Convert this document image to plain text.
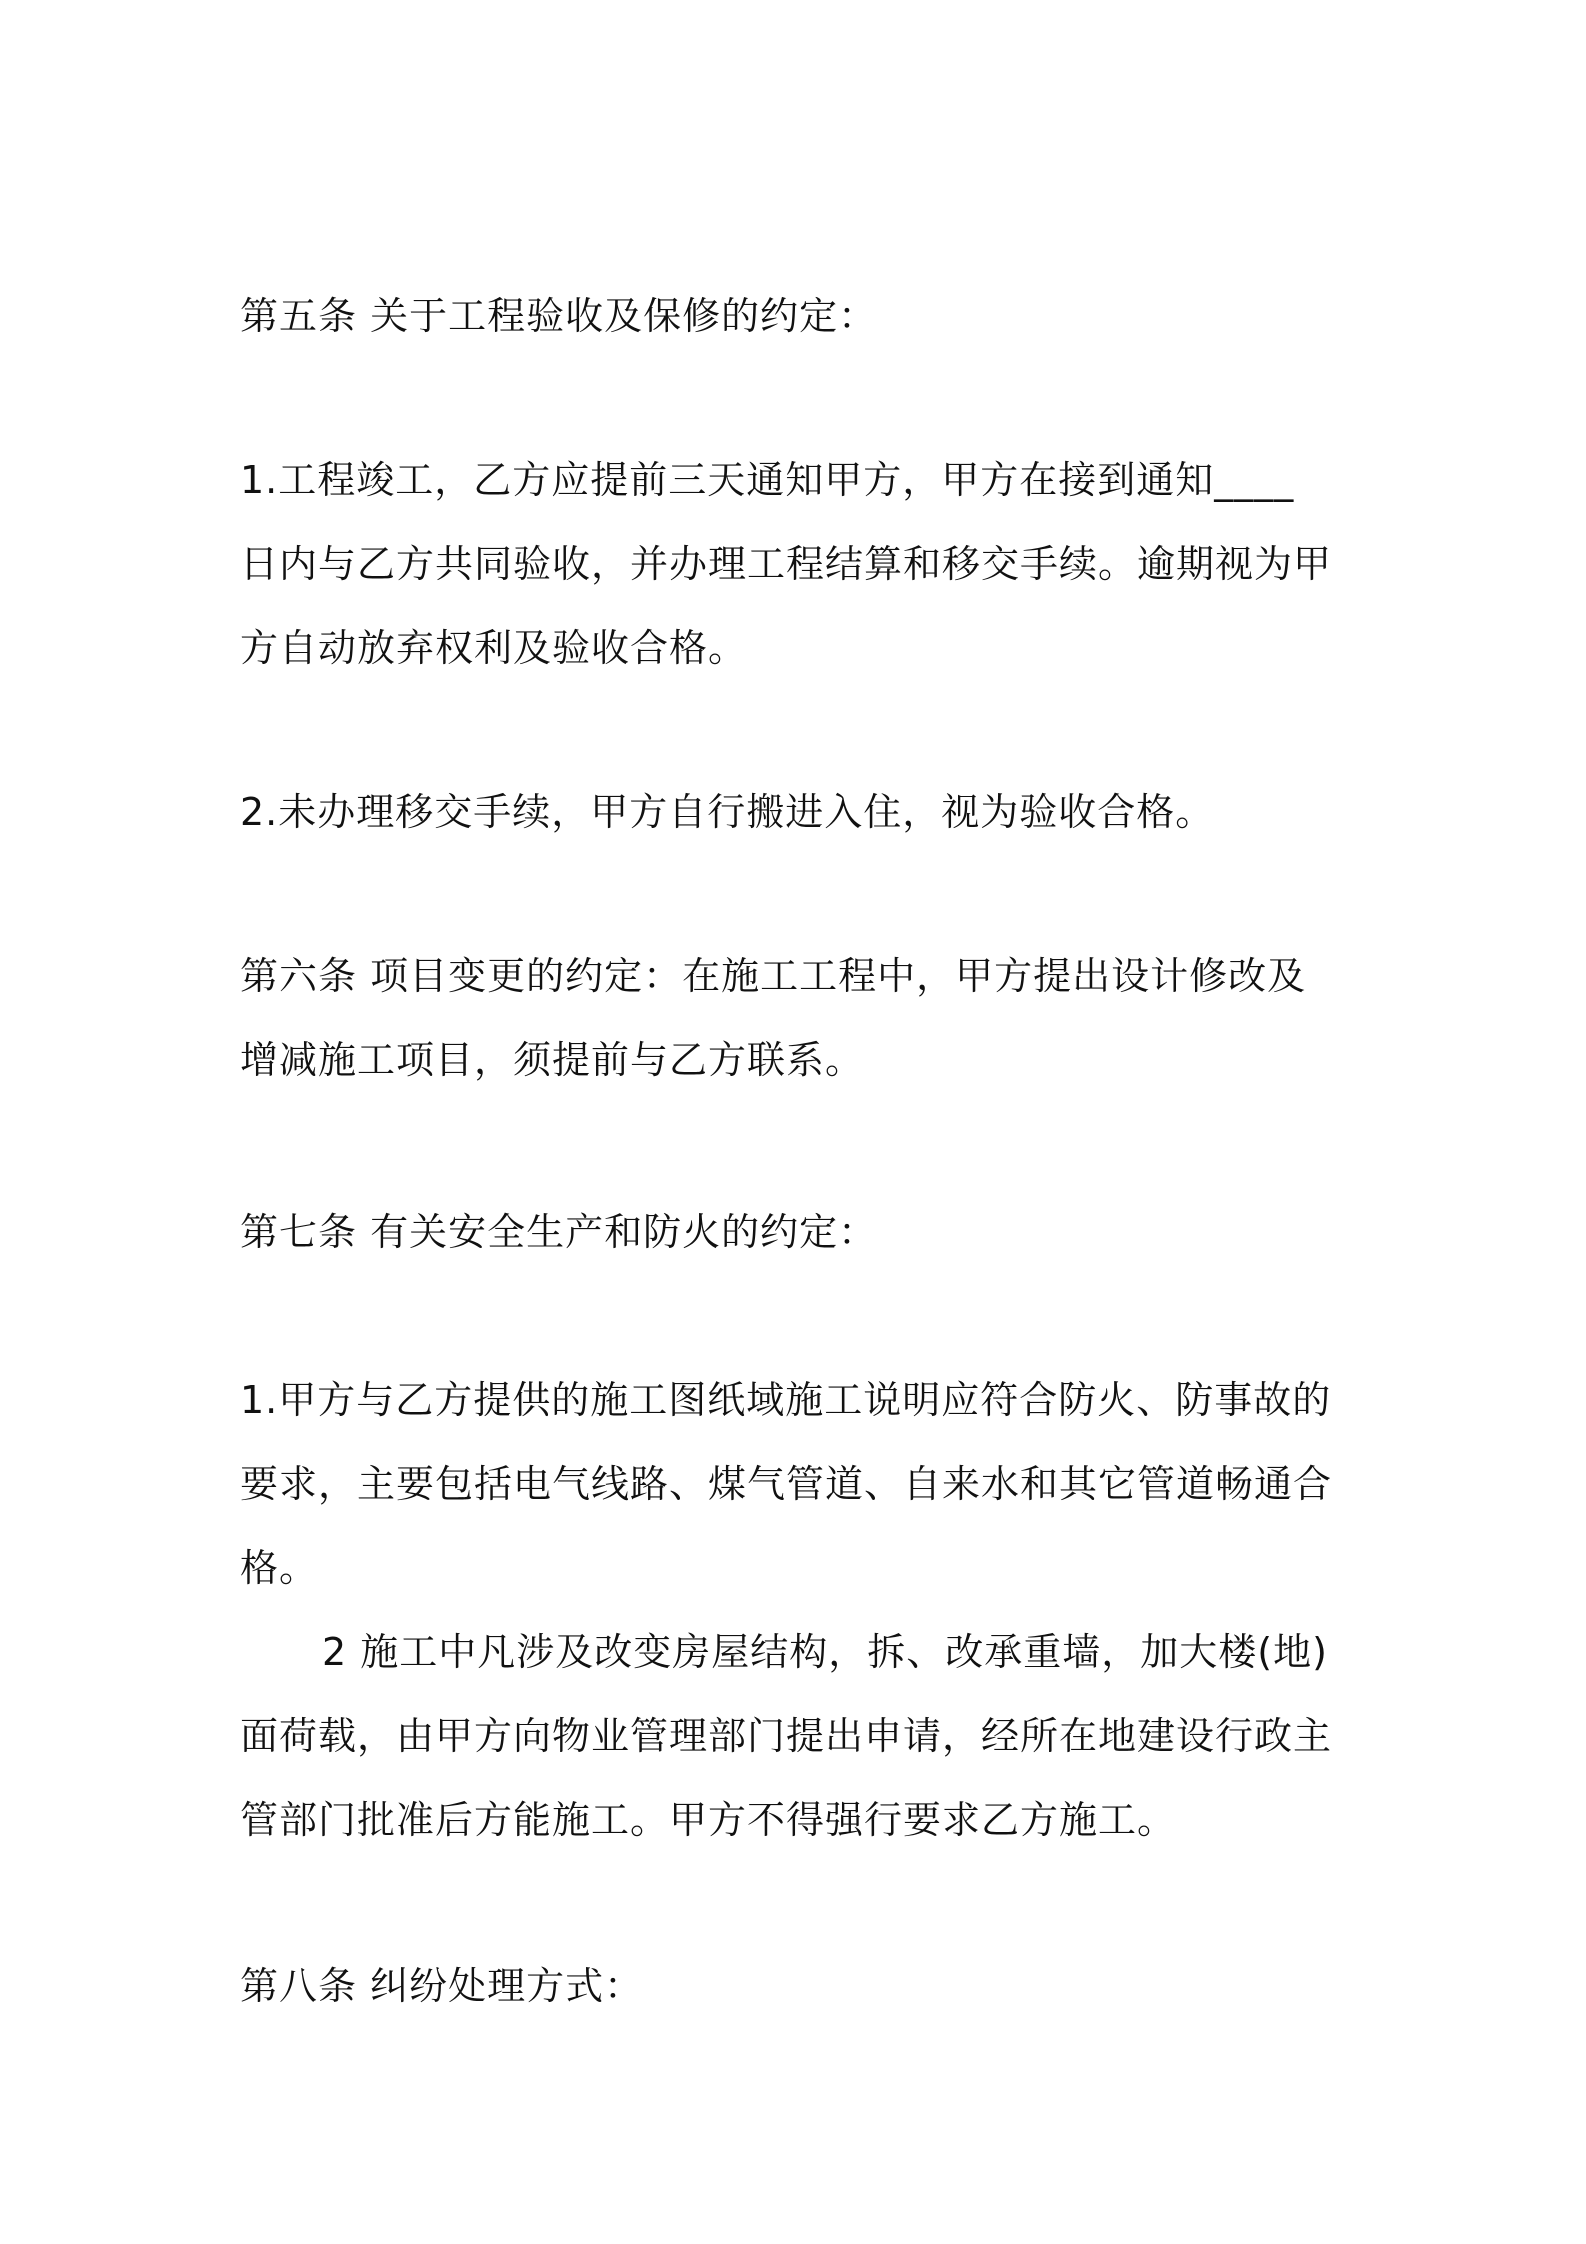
第五条 关于工程验收及保修的约定：
1.工程竣工，乙方应提前三天通知甲方，甲方在接到通知____
日内与乙方共同验收，并办理工程结算和移交手续。逾期视为甲
方自动放弃权利及验收合格。
2.未办理移交手续，甲方自行搬进入住，视为验收合格。
第六条 项目变更的约定：在施工工程中，甲方提出设计修改及
增减施工项目，须提前与乙方联系。
第七条 有关安全生产和防火的约定：
1.甲方与乙方提供的施工图纸域施工说明应符合防火、防事故的
要求，主要包括电气线路、煤气管道、自来水和其它管道畅通合
格。
2 施工中凡涉及改变房屋结构，拆、改承重墙，加大楼(地)
面荷载，由甲方向物业管理部门提出申请，经所在地建设行政主
管部门批准后方能施工。甲方不得强行要求乙方施工。
第八条 纠纷处理方式：
